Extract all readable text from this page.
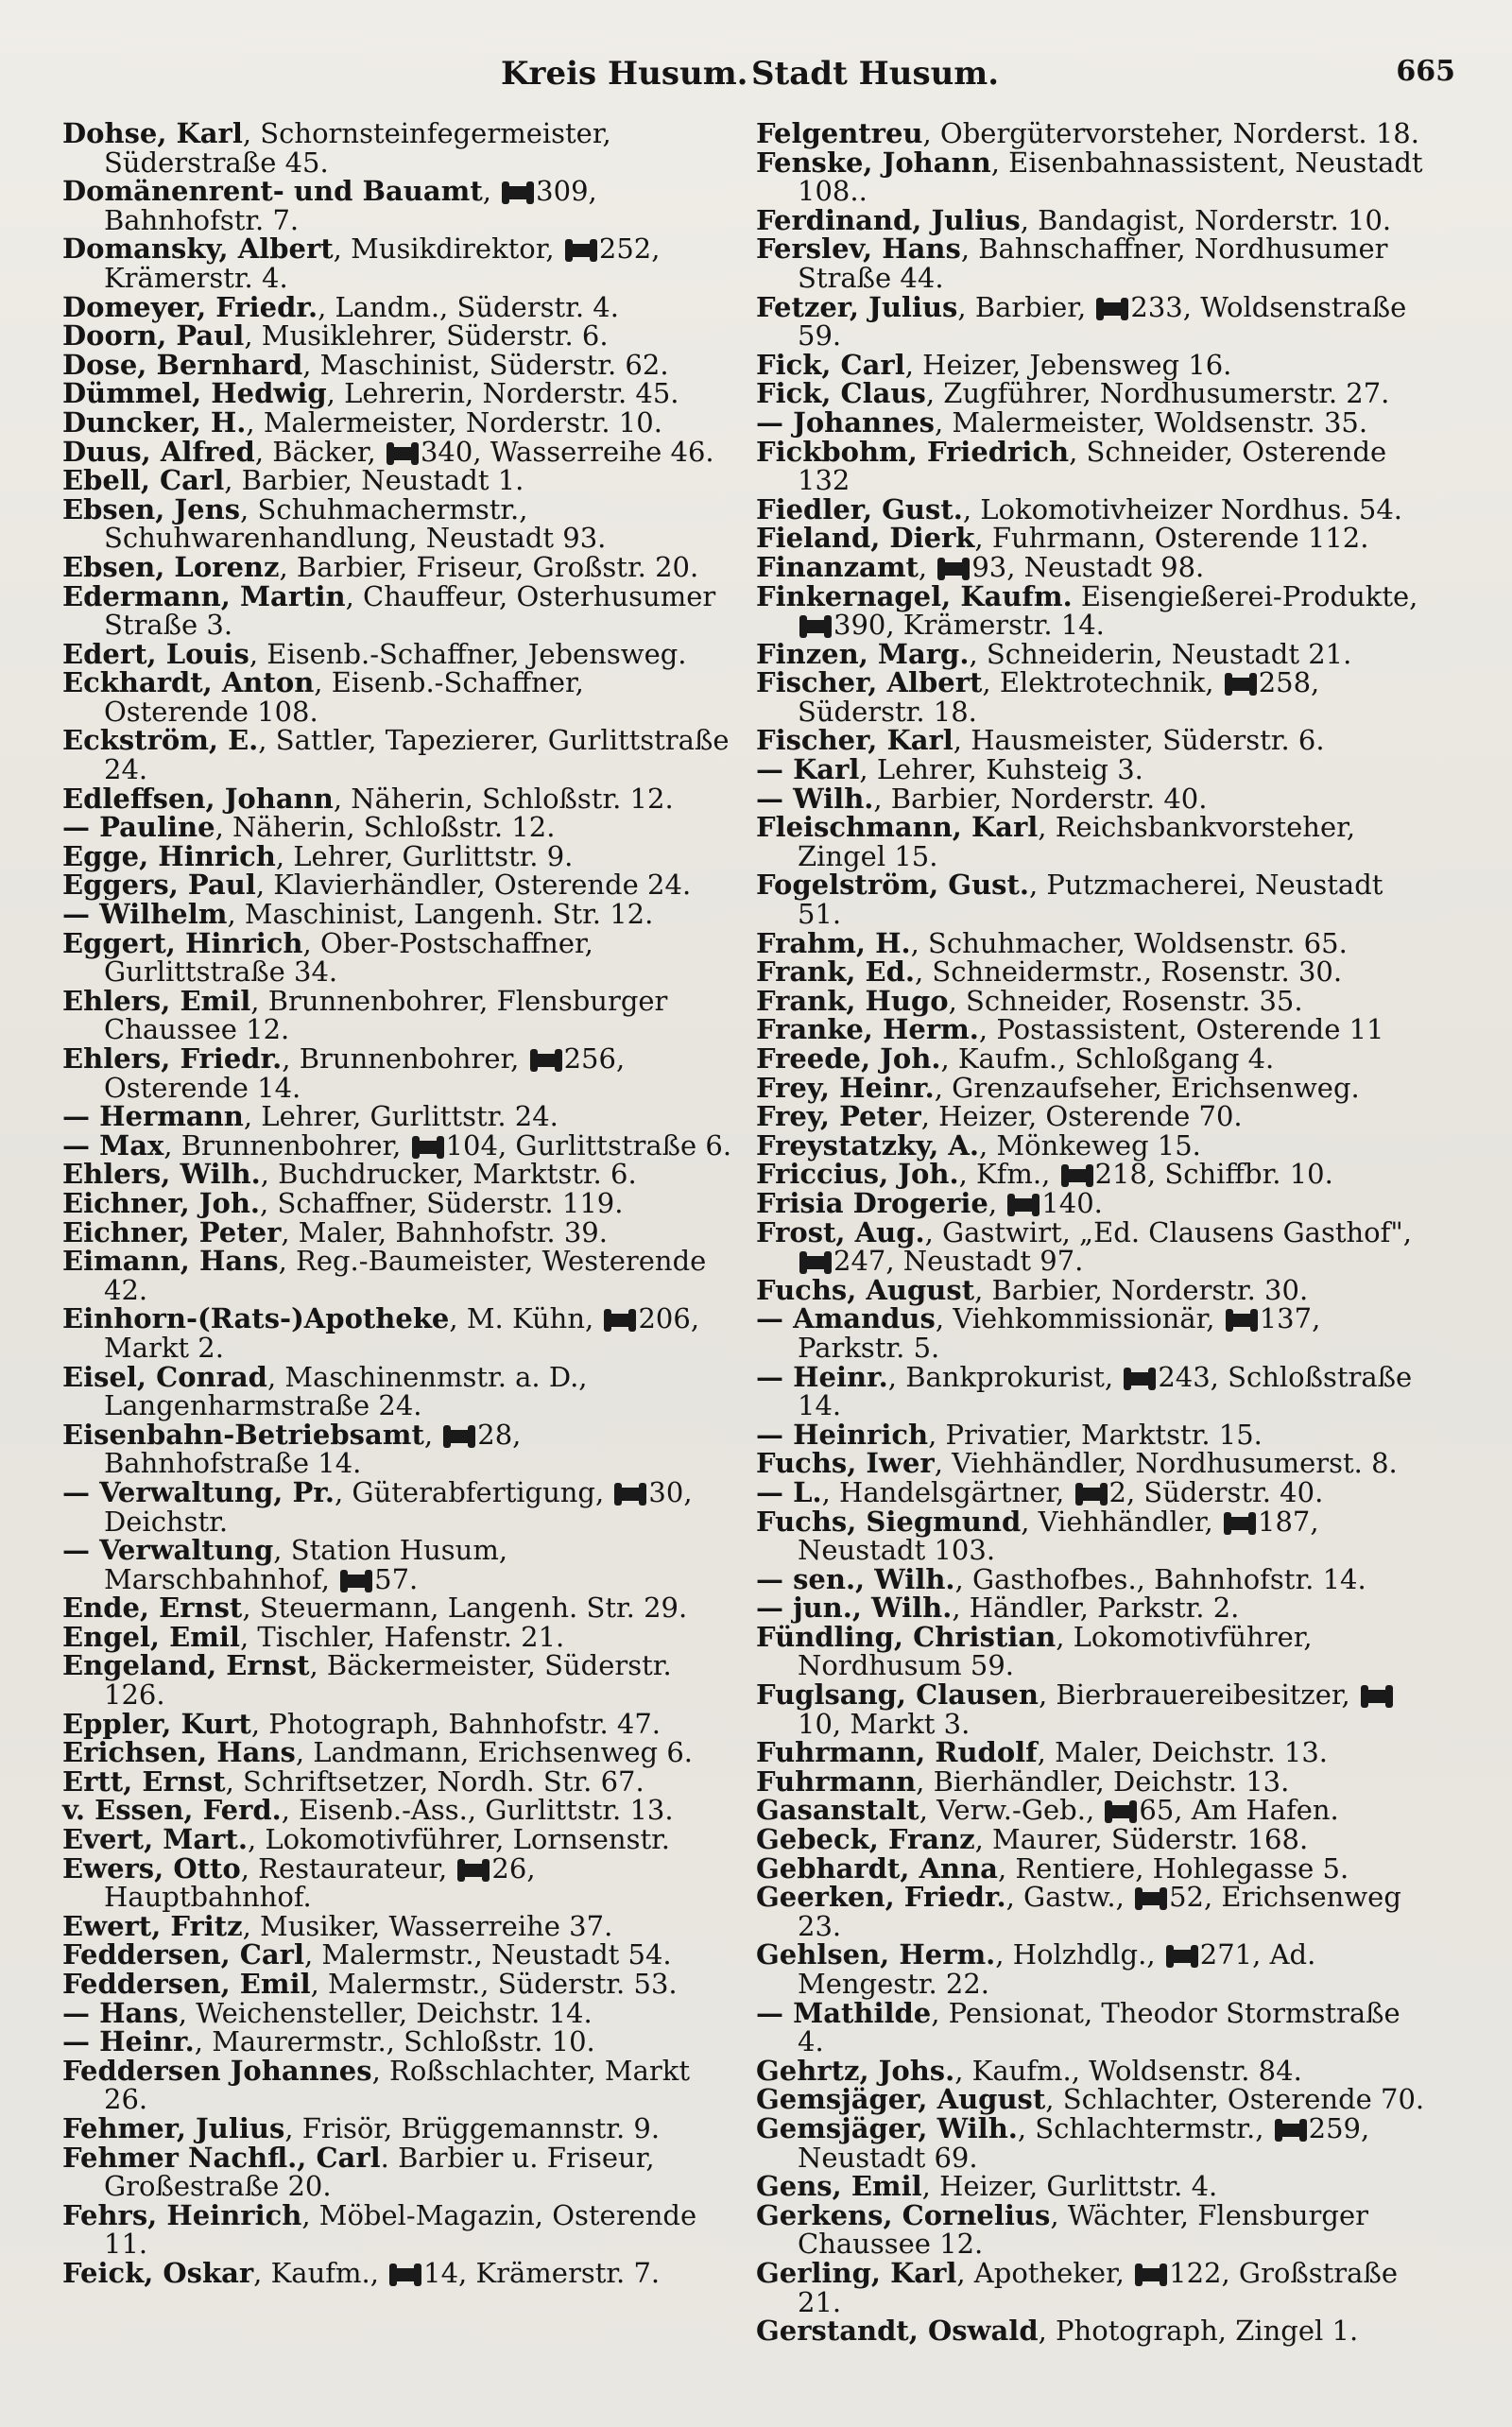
Kreis Husum. Stadt Husum.	665

Dohse, Karl, Schornsteinfegermeister, Süderstraße 45.

Domänenrent- und Bauamt, 309, Bahnhofstr. 7.

Domansky, Albert, Musikdirektor, 252, Krämerstr. 4.

Domeyer, Friedr., Landm., Süderstr. 4.

Doorn, Paul, Musiklehrer, Süderstr. 6.

Dose, Bernhard, Maschinist, Süderstr. 62.

Dümmel, Hedwig, Lehrerin, Norderstr. 45.

Duncker, H., Malermeister, Norderstr. 10.

Duus, Alfred, Bäcker, 340, Wasserreihe 46.

Ebell, Carl, Barbier, Neustadt 1.

Ebsen, Jens, Schuhmachermstr., Schuhwarenhandlung, Neustadt 93.

Ebsen, Lorenz, Barbier, Friseur, Großstr. 20.

Edermann, Martin, Chauffeur, Osterhusumer Straße 3.

Edert, Louis, Eisenb.-Schaffner, Jebensweg.

Eckhardt, Anton, Eisenb.-Schaffner, Osterende 108.

Eckström, E., Sattler, Tapezierer, Gurlittstraße 24.

Edleffsen, Johann, Näherin, Schloßstr. 12.

— Pauline, Näherin, Schloßstr. 12.

Egge, Hinrich, Lehrer, Gurlittstr. 9.

Eggers, Paul, Klavierhändler, Osterende 24.

— Wilhelm, Maschinist, Langenh. Str. 12.

Eggert, Hinrich, Ober-Postschaffner, Gurlittstraße 34.

Ehlers, Emil, Brunnenbohrer, Flensburger Chaussee 12.

Ehlers, Friedr., Brunnenbohrer, 256, Osterende 14.

— Hermann, Lehrer, Gurlittstr. 24.

— Max, Brunnenbohrer, 104, Gurlittstraße 6.

Ehlers, Wilh., Buchdrucker, Marktstr. 6.

Eichner, Joh., Schaffner, Süderstr. 119.

Eichner, Peter, Maler, Bahnhofstr. 39.

Eimann, Hans, Reg.-Baumeister, Westerende 42.

Einhorn-(Rats-)Apotheke, M. Kühn, 206, Markt 2.

Eisel, Conrad, Maschinenmstr. a. D., Langenharmstraße 24.

Eisenbahn-Betriebsamt, 28, Bahnhofstraße 14.

— Verwaltung, Pr., Güterabfertigung, 30, Deichstr.

— Verwaltung, Station Husum, Marschbahnhof, 57.

Ende, Ernst, Steuermann, Langenh. Str. 29.

Engel, Emil, Tischler, Hafenstr. 21.

Engeland, Ernst, Bäckermeister, Süderstr. 126.

Eppler, Kurt, Photograph, Bahnhofstr. 47.

Erichsen, Hans, Landmann, Erichsenweg 6.

Ertt, Ernst, Schriftsetzer, Nordh. Str. 67.

v. Essen, Ferd., Eisenb.-Ass., Gurlittstr. 13.

Evert, Mart., Lokomotivführer, Lornsenstr.

Ewers, Otto, Restaurateur, 26, Hauptbahnhof.

Ewert, Fritz, Musiker, Wasserreihe 37.

Feddersen, Carl, Malermstr., Neustadt 54.

Feddersen, Emil, Malermstr., Süderstr. 53.

— Hans, Weichensteller, Deichstr. 14.

— Heinr., Maurermstr., Schloßstr. 10.

Feddersen Johannes, Roßschlachter, Markt 26.

Fehmer, Julius, Frisör, Brüggemannstr. 9.

Fehmer Nachfl., Carl. Barbier u. Friseur, Großestraße 20.

Fehrs, Heinrich, Möbel-Magazin, Osterende 11.

Feick, Oskar, Kaufm., 14, Krämerstr. 7.

Felgentreu, Obergütervorsteher, Norderst. 18.

Fenske, Johann, Eisenbahnassistent, Neustadt 108..

Ferdinand, Julius, Bandagist, Norderstr. 10.

Ferslev, Hans, Bahnschaffner, Nordhusumer Straße 44.

Fetzer, Julius, Barbier, 233, Woldsenstraße 59.

Fick, Carl, Heizer, Jebensweg 16.

Fick, Claus, Zugführer, Nordhusumerstr. 27.

— Johannes, Malermeister, Woldsenstr. 35.

Fickbohm, Friedrich, Schneider, Osterende 132

Fiedler, Gust., Lokomotivheizer Nordhus. 54.

Fieland, Dierk, Fuhrmann, Osterende 112.

Finanzamt, 93, Neustadt 98.

Finkernagel, Kaufm. Eisengießerei-Produkte, 390, Krämerstr. 14.

Finzen, Marg., Schneiderin, Neustadt 21.

Fischer, Albert, Elektrotechnik, 258, Süderstr. 18.

Fischer, Karl, Hausmeister, Süderstr. 6.

— Karl, Lehrer, Kuhsteig 3.

— Wilh., Barbier, Norderstr. 40.

Fleischmann, Karl, Reichsbankvorsteher, Zingel 15.

Fogelström, Gust., Putzmacherei, Neustadt 51.

Frahm, H., Schuhmacher, Woldsenstr. 65.

Frank, Ed., Schneidermstr., Rosenstr. 30.

Frank, Hugo, Schneider, Rosenstr. 35.

Franke, Herm., Postassistent, Osterende 11

Freede, Joh., Kaufm., Schloßgang 4.

Frey, Heinr., Grenzaufseher, Erichsenweg.

Frey, Peter, Heizer, Osterende 70.

Freystatzky, A., Mönkeweg 15.

Friccius, Joh., Kfm., 218, Schiffbr. 10.

Frisia Drogerie, 140.

Frost, Aug., Gastwirt, „Ed. Clausens Gasthof", 247, Neustadt 97.

Fuchs, August, Barbier, Norderstr. 30.

— Amandus, Viehkommissionär, 137, Parkstr. 5.

— Heinr., Bankprokurist, 243, Schloßstraße 14.

— Heinrich, Privatier, Marktstr. 15.

Fuchs, Iwer, Viehhändler, Nordhusumerst. 8.

— L., Handelsgärtner, 2, Süderstr. 40.

Fuchs, Siegmund, Viehhändler, 187, Neustadt 103.

— sen., Wilh., Gasthofbes., Bahnhofstr. 14.

— jun., Wilh., Händler, Parkstr. 2.

Fündling, Christian, Lokomotivführer, Nordhusum 59.

Fuglsang, Clausen, Bierbrauereibesitzer, 10, Markt 3.

Fuhrmann, Rudolf, Maler, Deichstr. 13.

Fuhrmann, Bierhändler, Deichstr. 13.

Gasanstalt, Verw.-Geb., 65, Am Hafen.

Gebeck, Franz, Maurer, Süderstr. 168.

Gebhardt, Anna, Rentiere, Hohlegasse 5.

Geerken, Friedr., Gastw., 52, Erichsenweg 23.

Gehlsen, Herm., Holzhdlg., 271, Ad. Mengestr. 22.

— Mathilde, Pensionat, Theodor Stormstraße 4.

Gehrtz, Johs., Kaufm., Woldsenstr. 84.

Gemsjäger, August, Schlachter, Osterende 70.

Gemsjäger, Wilh., Schlachtermstr., 259, Neustadt 69.

Gens, Emil, Heizer, Gurlittstr. 4.

Gerkens, Cornelius, Wächter, Flensburger Chaussee 12.

Gerling, Karl, Apotheker, 122, Großstraße 21.

Gerstandt, Oswald, Photograph, Zingel 1.
